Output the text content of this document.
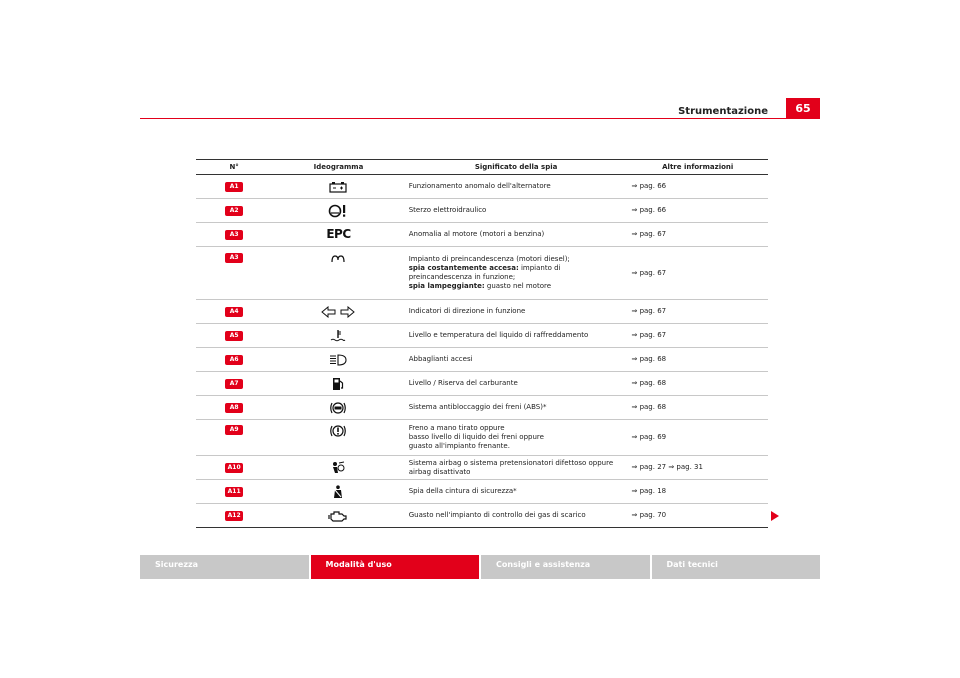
Strumentazione	65
N°	Ideogramma	Significato della spia	Altre informazioni
A1		Funzionamento anomalo dell'alternatore	⇒ pag. 66
A2		Sterzo elettroidraulico	⇒ pag. 66
A3	EPC	Anomalia al motore (motori a benzina)	⇒ pag. 67
A3		Impianto di preincandescenza (motori diesel);
spia costantemente accesa: impianto di preincandescenza in funzione;
spia lampeggiante: guasto nel motore	⇒ pag. 67
A4		Indicatori di direzione in funzione	⇒ pag. 67
A5		Livello e temperatura del liquido di raffreddamento	⇒ pag. 67
A6		Abbaglianti accesi	⇒ pag. 68
A7		Livello / Riserva del carburante	⇒ pag. 68
A8		Sistema antibloccaggio dei freni (ABS)*	⇒ pag. 68
A9		Freno a mano tirato oppure
basso livello di liquido dei freni oppure
guasto all'impianto frenante.	⇒ pag. 69
A10		Sistema airbag o sistema pretensionatori difettoso oppure airbag disattivato	⇒ pag. 27 ⇒ pag. 31
A11		Spia della cintura di sicurezza*	⇒ pag. 18
A12		Guasto nell'impianto di controllo dei gas di scarico	⇒ pag. 70
Sicurezza	Modalità d'uso	Consigli e assistenza	Dati tecnici
